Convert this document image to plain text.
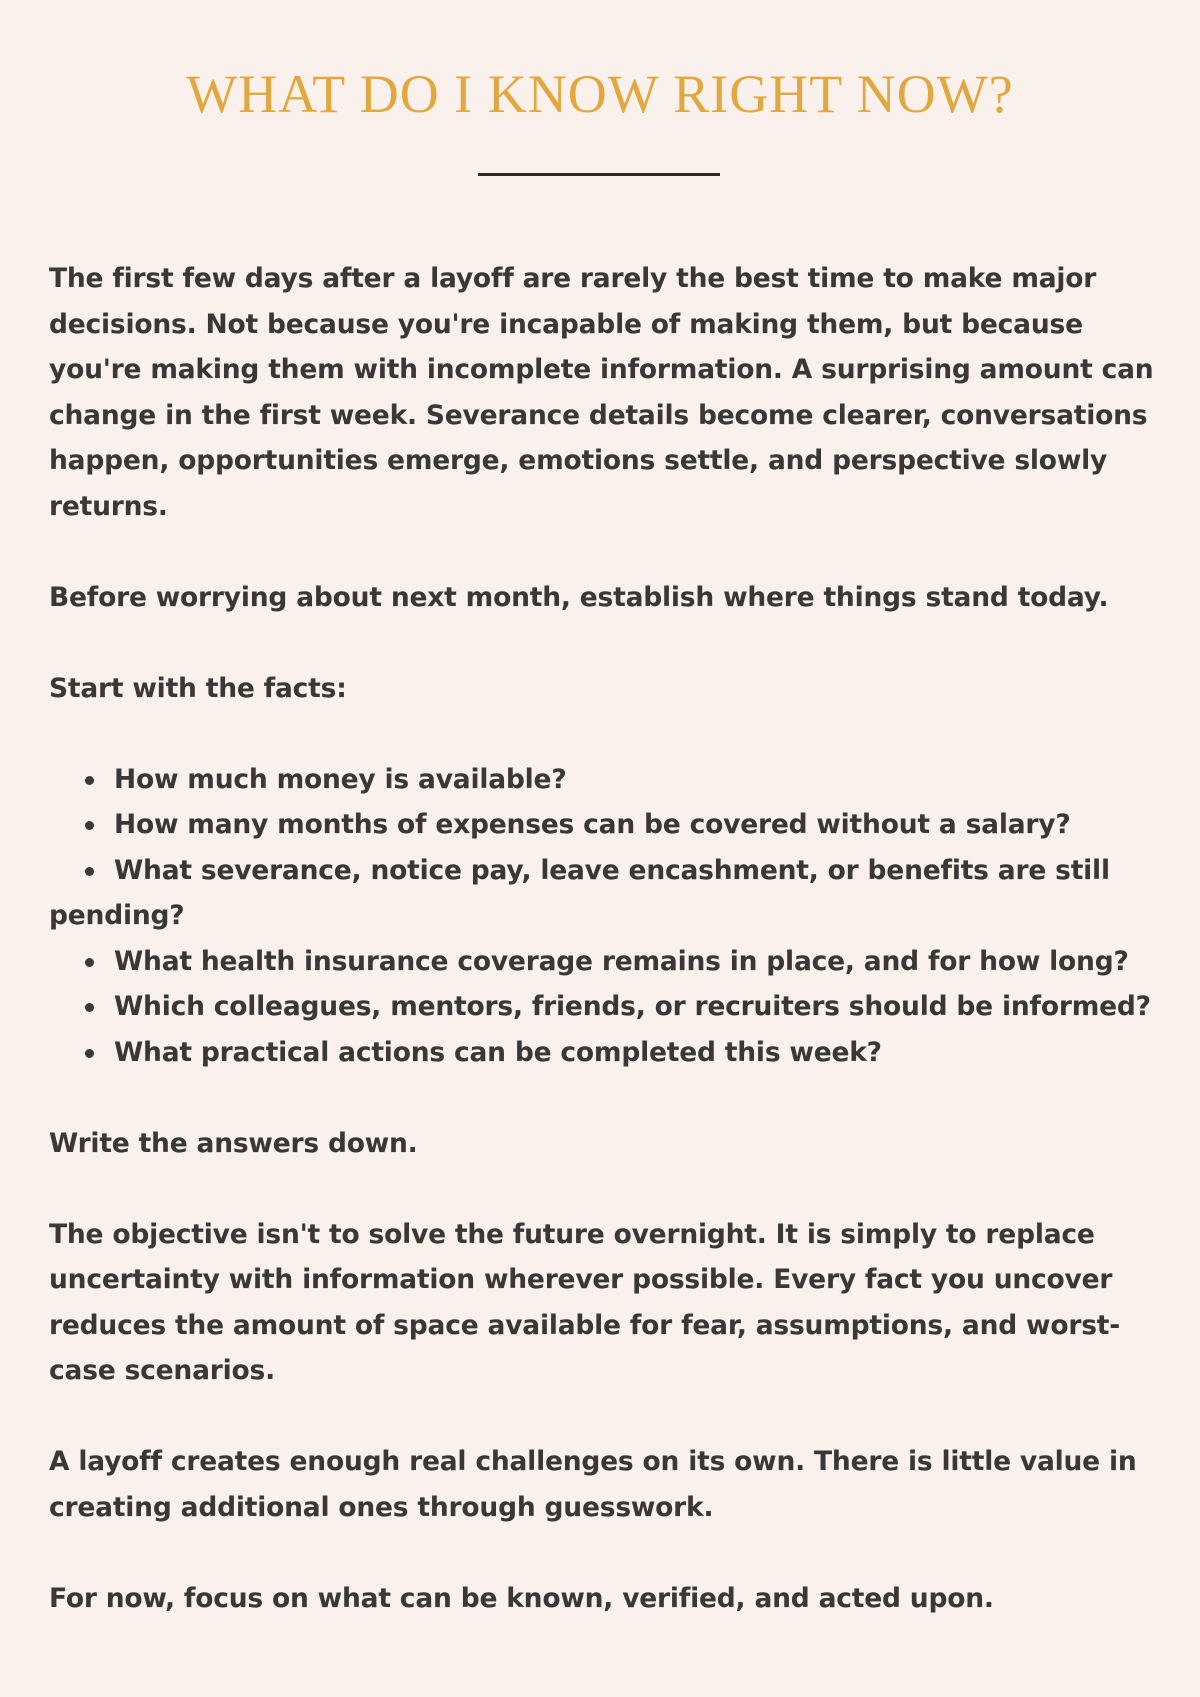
WHAT DO I KNOW RIGHT NOW?

The first few days after a layoff are rarely the best time to make major decisions. Not because you're incapable of making them, but because you're making them with incomplete information. A surprising amount can change in the first week. Severance details become clearer, conversations happen, opportunities emerge, emotions settle, and perspective slowly returns.

Before worrying about next month, establish where things stand today.

Start with the facts:

How much money is available?
How many months of expenses can be covered without a salary?
What severance, notice pay, leave encashment, or benefits are still pending?
What health insurance coverage remains in place, and for how long?
Which colleagues, mentors, friends, or recruiters should be informed?
What practical actions can be completed this week?

Write the answers down.

The objective isn't to solve the future overnight. It is simply to replace uncertainty with information wherever possible. Every fact you uncover reduces the amount of space available for fear, assumptions, and worst-case scenarios.

A layoff creates enough real challenges on its own. There is little value in creating additional ones through guesswork.

For now, focus on what can be known, verified, and acted upon.
